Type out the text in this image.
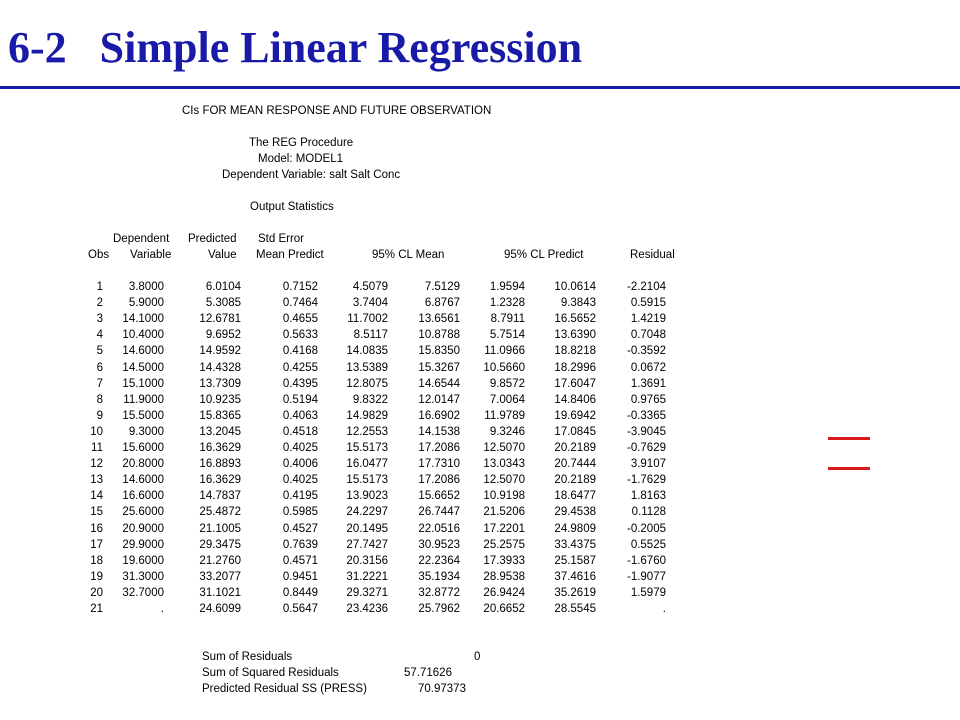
6-2   Simple Linear Regression
CIs FOR MEAN RESPONSE AND FUTURE OBSERVATION
The REG Procedure
Model: MODEL1
Dependent Variable: salt Salt Conc
Output Statistics
Dependent Predicted Std Error
Obs Variable	Value Mean Predict	95% CL Mean	95% CL Predict	Residual
1 3.8000	6.0104	0.7152	4.5079	7.5129	1.9594	10.0614	-2.2104
2 5.9000	5.3085	0.7464	3.7404	6.8767	1.2328	9.3843	0.5915
3 14.1000	12.6781	0.4655	11.7002	13.6561	8.7911	16.5652	1.4219
4 10.4000	9.6952	0.5633	8.5117	10.8788	5.7514	13.6390	0.7048
5 14.6000	14.9592	0.4168 14.0835	15.8350 11.0966	18.8218	-0.3592
6 14.5000	14.4328	0.4255 13.5389	15.3267 10.5660	18.2996	0.0672
7 15.1000	13.7309	0.4395 12.8075	14.6544	9.8572	17.6047	1.3691
8 11.9000	10.9235	0.5194	9.8322	12.0147	7.0064	14.8406	0.9765
9 15.5000	15.8365	0.4063 14.9829	16.6902 11.9789	19.6942	-0.3365
10 9.3000	13.2045	0.4518 12.2553	14.1538	9.3246	17.0845	-3.9045
11 15.6000	16.3629	0.4025 15.5173	17.2086 12.5070	20.2189	-0.7629
12 20.8000	16.8893	0.4006 16.0477	17.7310 13.0343	20.7444	3.9107
13 14.6000	16.3629	0.4025 15.5173	17.2086 12.5070	20.2189	-1.7629
14 16.6000	14.7837	0.4195 13.9023	15.6652 10.9198	18.6477	1.8163
15 25.6000	25.4872	0.5985 24.2297	26.7447 21.5206	29.4538	0.1128
16 20.9000	21.1005	0.4527 20.1495	22.0516 17.2201	24.9809	-0.2005
17 29.9000	29.3475	0.7639 27.7427	30.9523 25.2575	33.4375	0.5525
18 19.6000	21.2760	0.4571 20.3156	22.2364 17.3933	25.1587	-1.6760
19 31.3000	33.2077	0.9451 31.2221	35.1934 28.9538	37.4616	-1.9077
20 32.7000	31.1021	0.8449 29.3271	32.8772 26.9424	35.2619	1.5979
21	.	24.6099	0.5647 23.4236	25.7962 20.6652	28.5545	.
Sum of Residuals	0
Sum of Squared Residuals	57.71626
Predicted Residual SS (PRESS)	70.97373
